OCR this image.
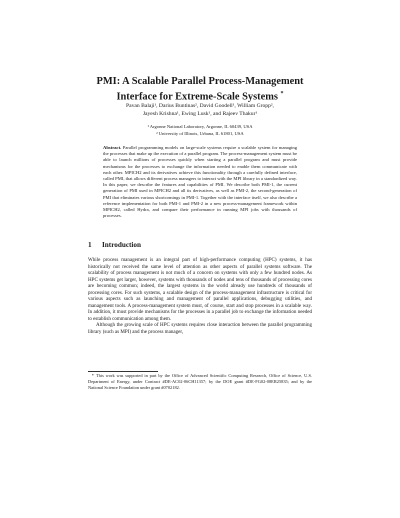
PMI: A Scalable Parallel Process-Management
Interface for Extreme-Scale Systems *
Pavan Balaji¹, Darius Buntinas², David Goodell¹, William Gropp²,
Jayesh Krishna¹, Ewing Lusk¹, and Rajeev Thakur¹
¹ Argonne National Laboratory, Argonne, IL 60439, USA
² University of Illinois, Urbana, IL 61801, USA
Abstract. Parallel programming models on large-scale systems require a scalable system for managing the processes that make up the execution of a parallel program. The process-management system must be able to launch millions of processes quickly when starting a parallel program and must provide mechanisms for the processes to exchange the information needed to enable them communicate with each other. MPICH2 and its derivatives achieve this functionality through a carefully defined interface, called PMI, that allows different process managers to interact with the MPI library in a standardized way. In this paper, we describe the features and capabilities of PMI. We describe both PMI-1, the current generation of PMI used in MPICH2 and all its derivatives, as well as PMI-2, the second-generation of PMI that eliminates various shortcomings in PMI-1. Together with the interface itself, we also describe a reference implementation for both PMI-1 and PMI-2 in a new process-management framework within MPICH2, called Hydra, and compare their performance in running MPI jobs with thousands of processes.
1 Introduction

While process management is an integral part of high-performance computing (HPC) systems, it has historically not received the same level of attention as other aspects of parallel systems software. The scalability of process management is not much of a concern on systems with only a few hundred nodes. As HPC systems get larger, however, systems with thousands of nodes and tens of thousands of processing cores are becoming common; indeed, the largest systems in the world already use hundreds of thousands of processing cores. For such systems, a scalable design of the process-management infrastructure is critical for various aspects such as launching and management of parallel applications, debugging utilities, and management tools. A process-management system must, of course, start and stop processes in a scalable way. In addition, it must provide mechanisms for the processes in a parallel job to exchange the information needed to establish communication among them.

Although the growing scale of HPC systems requires close interaction between the parallel programming library (such as MPI) and the process manager,

* This work was supported in part by the Office of Advanced Scientific Computing Research, Office of Science, U.S. Department of Energy, under Contract #DE-AC02-06CH11357; by the DOE grant #DE-FG02-08ER25835; and by the National Science Foundation under grant #0702182.
